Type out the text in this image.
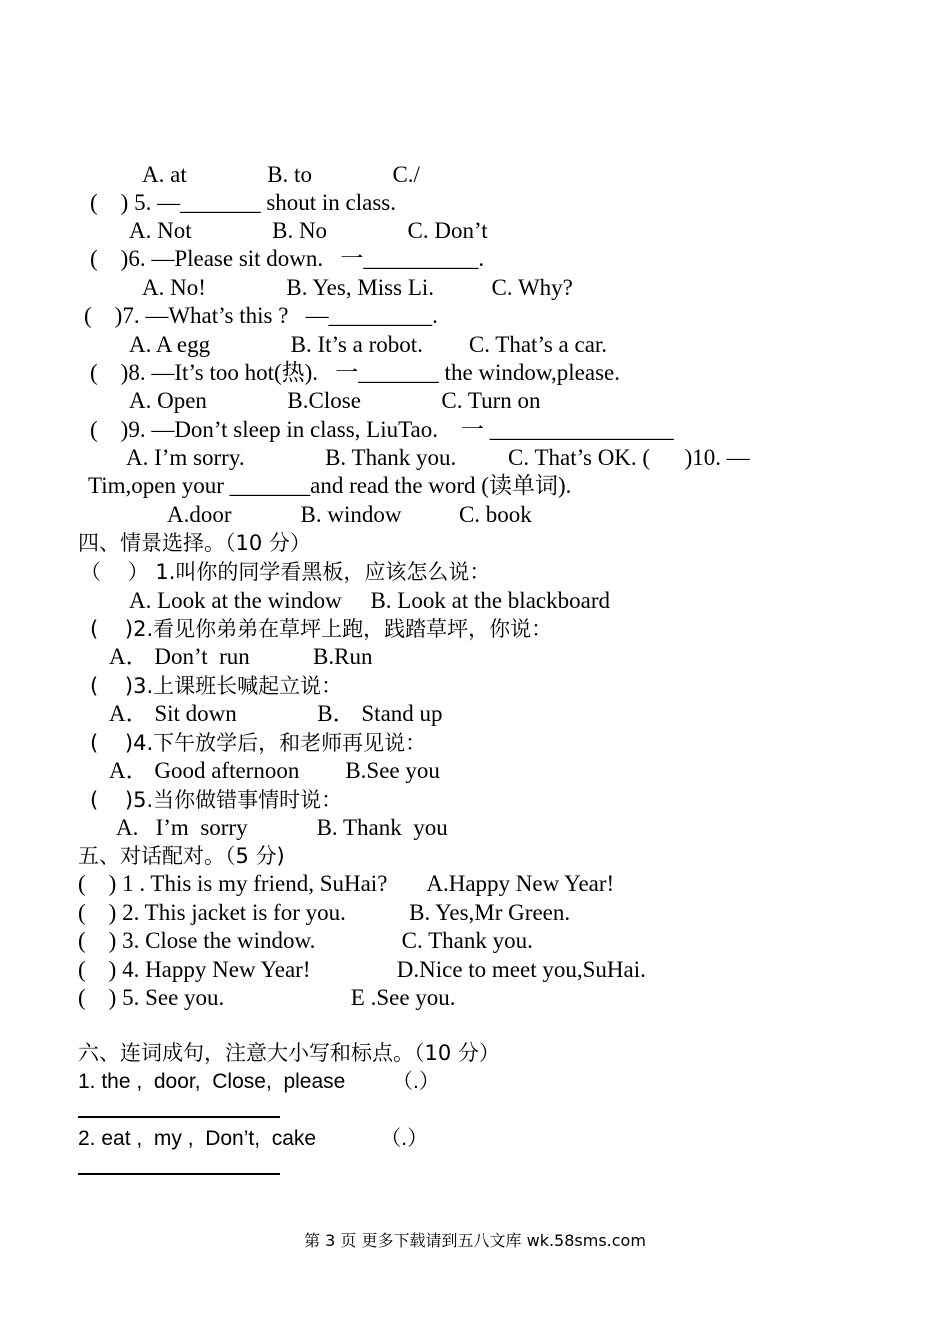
A. at              B. to              C./
(    ) 5. —_______ shout in class.
A. Not              B. No              C. Don’t
(    )6. —Please sit down.   一__________.
A. No!              B. Yes, Miss Li.          C. Why?
(    )7. —What’s this ?   —_________.
A. A egg              B. It’s a robot.        C. That’s a car.
(    )8. —It’s too hot(热).   一_______ the window,please.
A. Open              B.Close              C. Turn on
(    )9. —Don’t sleep in class, LiuTao.    一 ________________
A. I’m sorry.              B. Thank you.         C. That’s OK. (      )10. —
Tim,open your _______and read the word (读单词).
A.door            B. window          C. book
四、情景选择。（10 分）
（    ） 1.叫你的同学看黑板，应该怎么说：
A. Look at the window     B. Look at the blackboard
(    )2.看见你弟弟在草坪上跑，践踏草坪，你说：
A． Don’t  run           B.Run
(    )3.上课班长喊起立说：
A． Sit down              B． Stand up
(    )4.下午放学后，和老师再见说：
A． Good afternoon        B.See you
(    )5.当你做错事情时说：
A.   I’m  sorry            B. Thank  you
五、对话配对。（5 分)
(    ) 1 . This is my friend, SuHai?       A.Happy New Year!
(    ) 2. This jacket is for you.           B. Yes,Mr Green.
(    ) 3. Close the window.               C. Thank you.
(    ) 4. Happy New Year!               D.Nice to meet you,SuHai.
(    ) 5. See you.                      E .See you.
六、连词成句，注意大小写和标点。（10 分）
1. the ,  door,  Close,  please        （.）
2. eat ,  my ,  Don’t,  cake           （.）
第 3 页 更多下载请到五八文库 wk.58sms.com
